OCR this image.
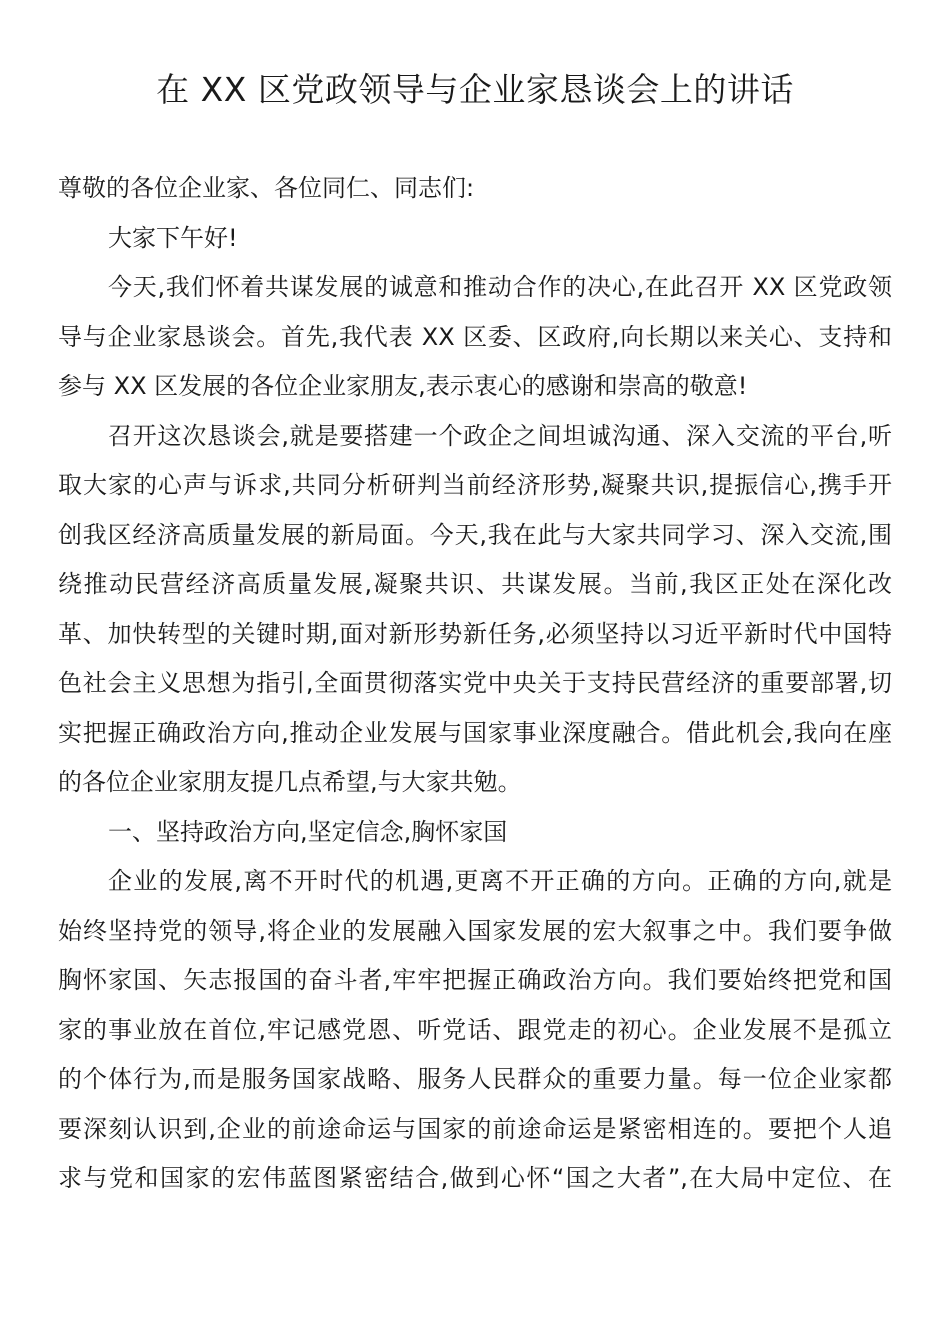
在 XX 区党政领导与企业家恳谈会上的讲话
尊敬的各位企业家、各位同仁、同志们:
大家下午好!
今天,我们怀着共谋发展的诚意和推动合作的决心,在此召开 XX 区党政领
导与企业家恳谈会。首先,我代表 XX 区委、区政府,向长期以来关心、支持和
参与 XX 区发展的各位企业家朋友,表示衷心的感谢和崇高的敬意!
召开这次恳谈会,就是要搭建一个政企之间坦诚沟通、深入交流的平台,听
取大家的心声与诉求,共同分析研判当前经济形势,凝聚共识,提振信心,携手开
创我区经济高质量发展的新局面。今天,我在此与大家共同学习、深入交流,围
绕推动民营经济高质量发展,凝聚共识、共谋发展。当前,我区正处在深化改
革、加快转型的关键时期,面对新形势新任务,必须坚持以习近平新时代中国特
色社会主义思想为指引,全面贯彻落实党中央关于支持民营经济的重要部署,切
实把握正确政治方向,推动企业发展与国家事业深度融合。借此机会,我向在座
的各位企业家朋友提几点希望,与大家共勉。
一、坚持政治方向,坚定信念,胸怀家国
企业的发展,离不开时代的机遇,更离不开正确的方向。正确的方向,就是
始终坚持党的领导,将企业的发展融入国家发展的宏大叙事之中。我们要争做
胸怀家国、矢志报国的奋斗者,牢牢把握正确政治方向。我们要始终把党和国
家的事业放在首位,牢记感党恩、听党话、跟党走的初心。企业发展不是孤立
的个体行为,而是服务国家战略、服务人民群众的重要力量。每一位企业家都
要深刻认识到,企业的前途命运与国家的前途命运是紧密相连的。要把个人追
求与党和国家的宏伟蓝图紧密结合,做到心怀“国之大者”,在大局中定位、在
